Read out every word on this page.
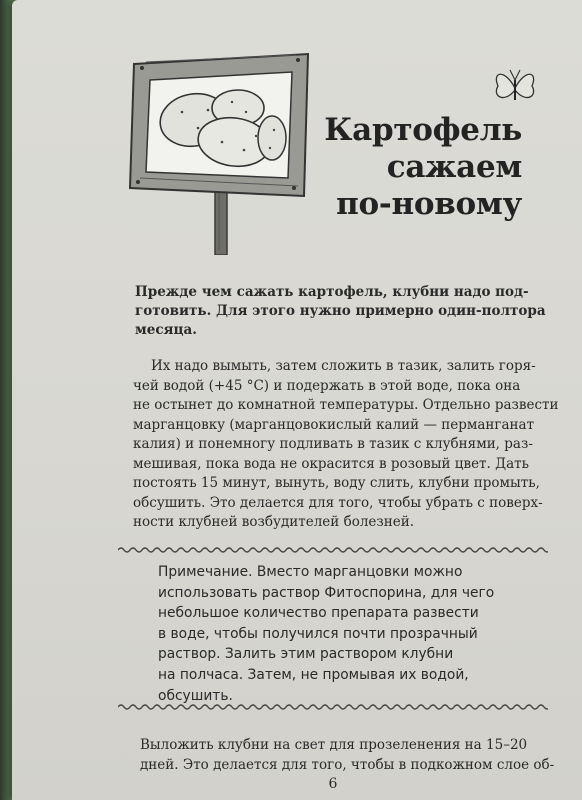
Картофель
сажаем
по-новому
Прежде чем сажать картофель, клубни надо под-
готовить. Для этого нужно примерно один-полтора
месяца.
Их надо вымыть, затем сложить в тазик, залить горя-
чей водой (+45 °C) и подержать в этой воде, пока она
не остынет до комнатной температуры. Отдельно развести
марганцовку (марганцовокислый калий — перманганат
калия) и понемногу подливать в тазик с клубнями, раз-
мешивая, пока вода не окрасится в розовый цвет. Дать
постоять 15 минут, вынуть, воду слить, клубни промыть,
обсушить. Это делается для того, чтобы убрать с поверх-
ности клубней возбудителей болезней.
Примечание. Вместо марганцовки можно
использовать раствор Фитоспорина, для чего
небольшое количество препарата развести
в воде, чтобы получился почти прозрачный
раствор. Залить этим раствором клубни
на полчаса. Затем, не промывая их водой,
обсушить.
Выложить клубни на свет для прозеленения на 15–20
дней. Это делается для того, чтобы в подкожном слое об-
6
